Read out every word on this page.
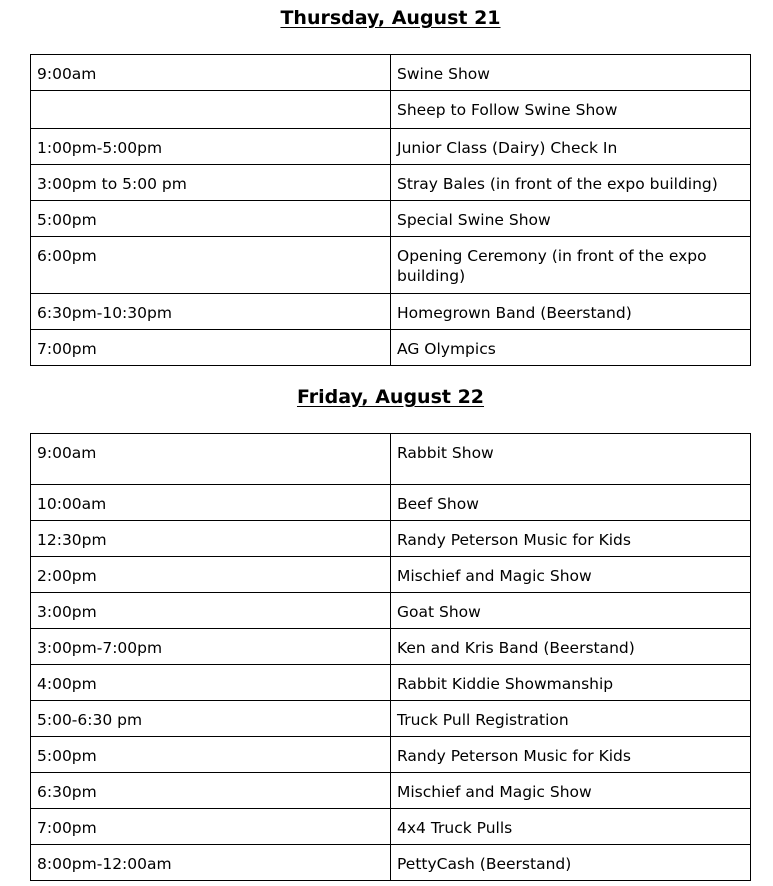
Thursday, August 21
9:00am	Swine Show
	Sheep to Follow Swine Show
1:00pm-5:00pm	Junior Class (Dairy) Check In
3:00pm to 5:00 pm	Stray Bales (in front of the expo building)
5:00pm	Special Swine Show
6:00pm	Opening Ceremony (in front of the expo building)
6:30pm-10:30pm	Homegrown Band (Beerstand)
7:00pm	AG Olympics
Friday, August 22
9:00am	Rabbit Show
10:00am	Beef Show
12:30pm	Randy Peterson Music for Kids
2:00pm	Mischief and Magic Show
3:00pm	Goat Show
3:00pm-7:00pm	Ken and Kris Band (Beerstand)
4:00pm	Rabbit Kiddie Showmanship
5:00-6:30 pm	Truck Pull Registration
5:00pm	Randy Peterson Music for Kids
6:30pm	Mischief and Magic Show
7:00pm	4x4 Truck Pulls
8:00pm-12:00am	PettyCash (Beerstand)
